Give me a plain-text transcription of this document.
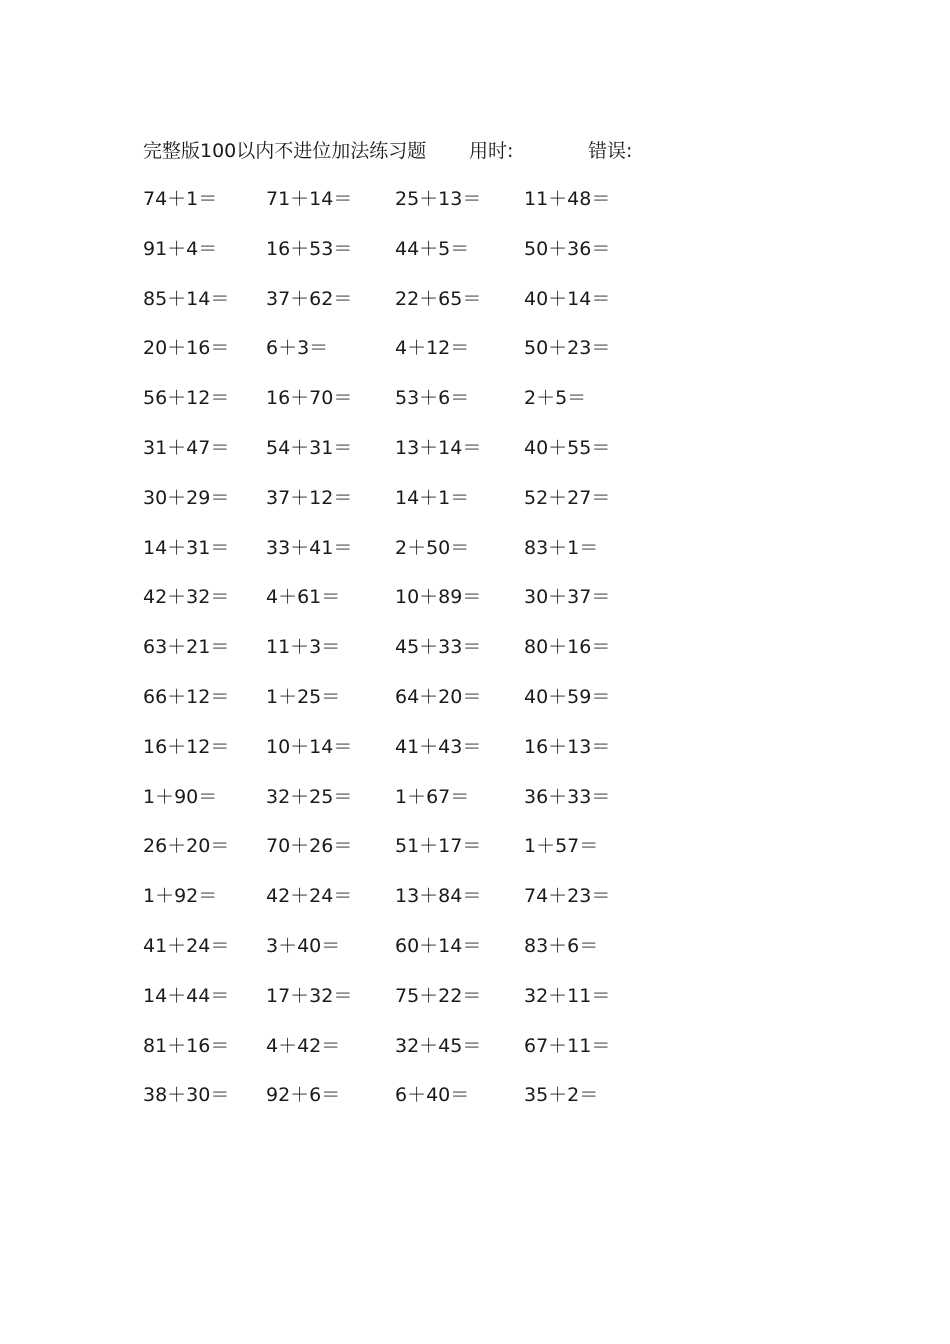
完整版100以内不进位加法练习题 用时:	错误:
74＋1＝	71＋14＝ 25＋13＝ 11＋48＝
91＋4＝	16＋53＝ 44＋5＝	50＋36＝
85＋14＝ 37＋62＝ 22＋65＝ 40＋14＝
20＋16＝ 6＋3＝	4＋12＝	50＋23＝
56＋12＝ 16＋70＝ 53＋6＝	2＋5＝
31＋47＝ 54＋31＝ 13＋14＝ 40＋55＝
30＋29＝ 37＋12＝ 14＋1＝	52＋27＝
14＋31＝ 33＋41＝ 2＋50＝	83＋1＝
42＋32＝ 4＋61＝	10＋89＝ 30＋37＝
63＋21＝ 11＋3＝	45＋33＝ 80＋16＝
66＋12＝ 1＋25＝	64＋20＝ 40＋59＝
16＋12＝ 10＋14＝ 41＋43＝ 16＋13＝
1＋90＝	32＋25＝ 1＋67＝	36＋33＝
26＋20＝ 70＋26＝ 51＋17＝ 1＋57＝
1＋92＝	42＋24＝ 13＋84＝ 74＋23＝
41＋24＝ 3＋40＝	60＋14＝ 83＋6＝
14＋44＝ 17＋32＝ 75＋22＝ 32＋11＝
81＋16＝ 4＋42＝	32＋45＝ 67＋11＝
38＋30＝ 92＋6＝	6＋40＝	35＋2＝
